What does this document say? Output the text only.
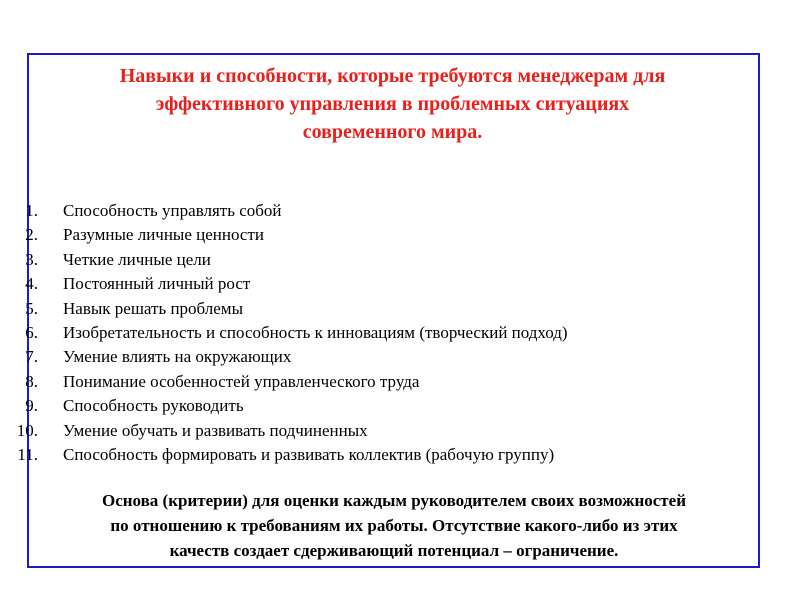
Навыки и способности, которые требуются менеджерам для
эффективного управления в проблемных ситуациях
современного мира.
1. Способность управлять собой
2. Разумные личные ценности
3. Четкие личные цели
4. Постоянный личный рост
5. Навык решать проблемы
6. Изобретательность и способность к инновациям (творческий подход)
7. Умение влиять на окружающих
8. Понимание особенностей управленческого труда
9. Способность руководить
10. Умение обучать и развивать подчиненных
11. Способность формировать и развивать коллектив (рабочую группу)
Основа (критерии) для оценки каждым руководителем своих возможностей
по отношению к требованиям их работы. Отсутствие какого-либо из этих
качеств создает сдерживающий потенциал – ограничение.
